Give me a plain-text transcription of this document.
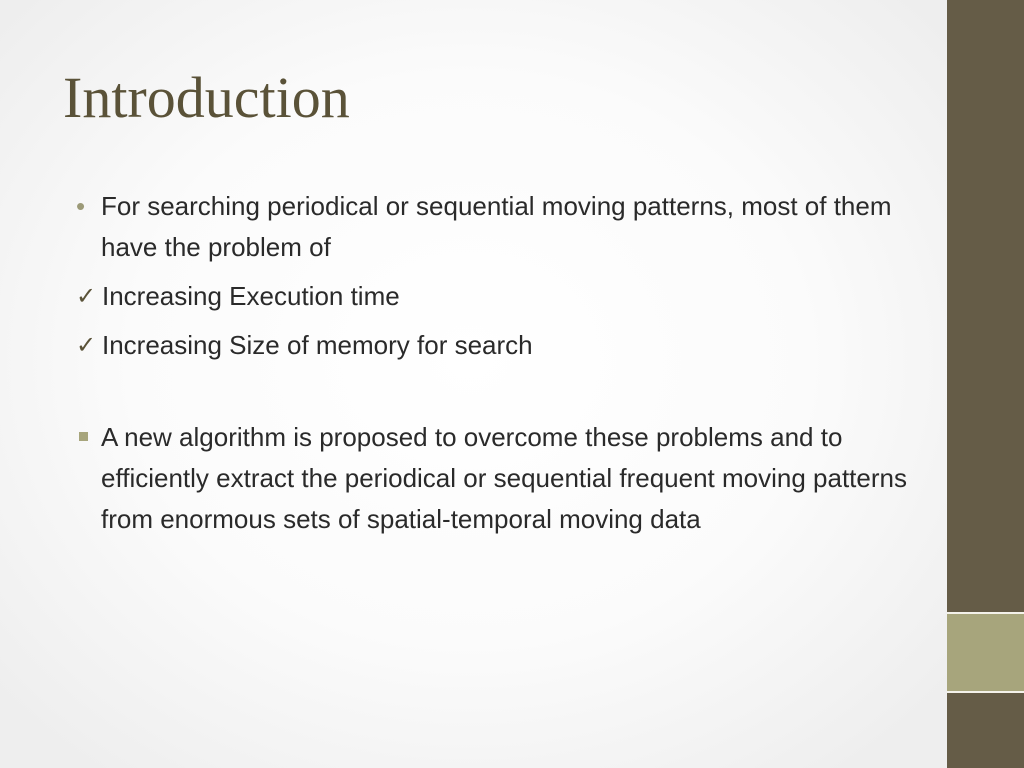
Introduction
• For searching periodical or sequential moving patterns, most of them have the problem of
✓ Increasing Execution time
✓ Increasing Size of memory for search
A new algorithm is proposed to overcome these problems and to efficiently extract the periodical or sequential frequent moving patterns from enormous sets of spatial-temporal moving data
